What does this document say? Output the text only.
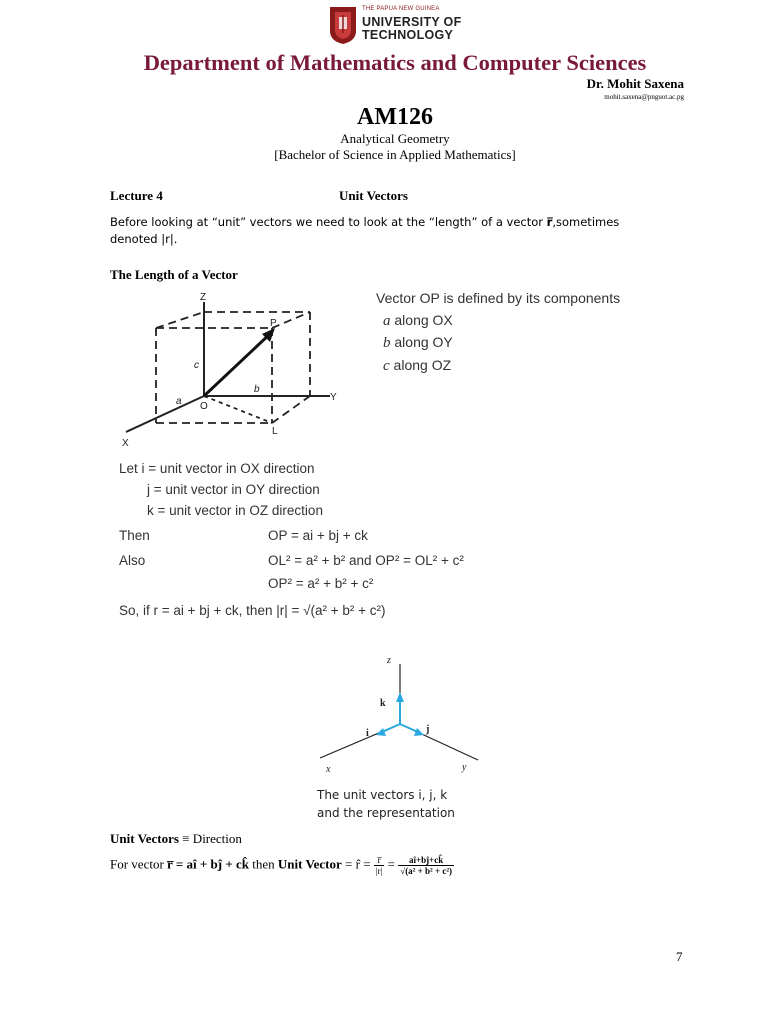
THE PAPUA NEW GUINEA
UNIVERSITY OF
TECHNOLOGY
Department of Mathematics and Computer Sciences
Dr. Mohit Saxena
mohit.saxena@pnguot.ac.pg
AM126
Analytical Geometry
[Bachelor of Science in Applied Mathematics]
Lecture 4	Unit Vectors
Before looking at “unit” vectors we need to look at the “length” of a vector r̅,sometimes
denoted |r|.
The Length of a Vector
Z
P
c
a O
b
Y
L
X
Vector OP is defined by its components
a along OX
b along OY
c along OZ
Let i = unit vector in OX direction
j = unit vector in OY direction
k = unit vector in OZ direction
Then	OP = ai + bj + ck
Also	OL² = a² + b² and OP² = OL² + c²
OP² = a² + b² + c²
So, if r = ai + bj + ck, then |r| = √(a² + b² + c²)
z
k
i	j
x	y
The unit vectors i, j, k
and the representation
Unit Vectors ≡ Direction
For vector r̅ = aî + bĵ + ck̂ then Unit Vector = r̂ = $\frac{r̅}{|r|} = \frac{aî+bĵ+ck̂}{\text{√(a² + b² + c²)}}$
7
